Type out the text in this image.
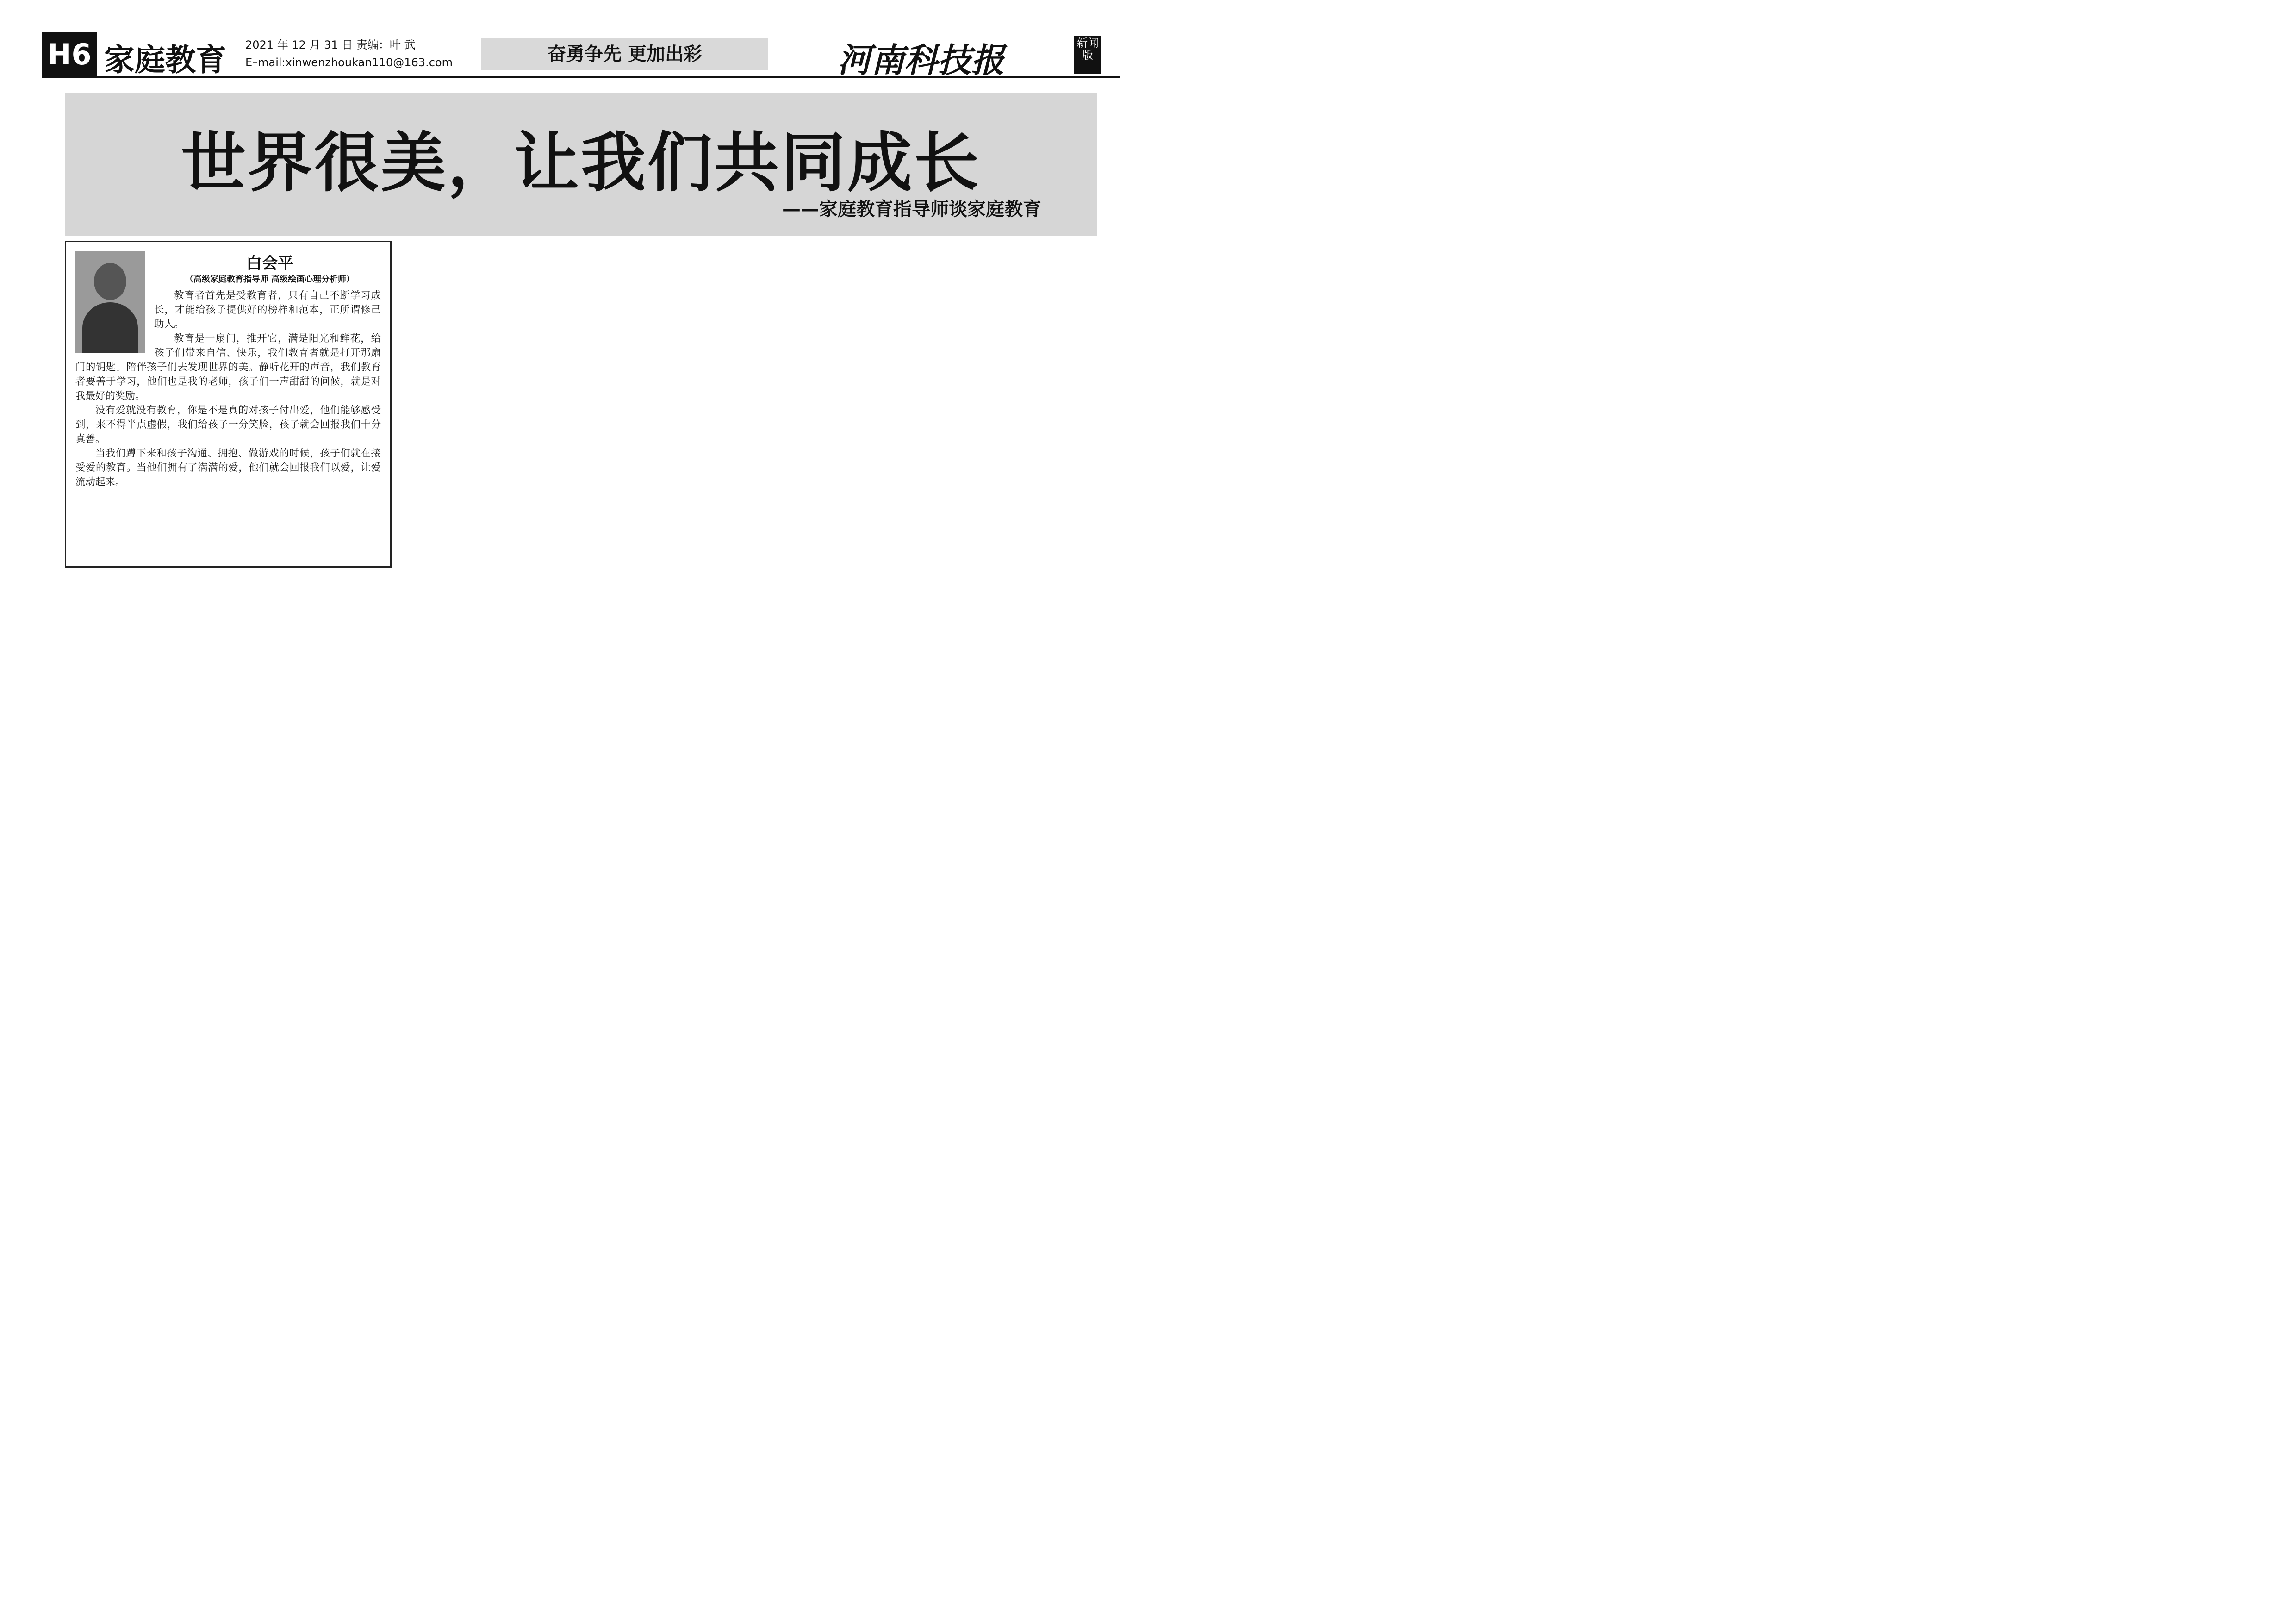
H6 家庭教育 2021 年 12 月 31 日 责编：叶 武
E–mail:xinwenzhoukan110@163.com	奋勇争先 更加出彩	河南科技报	新闻版
世界很美，让我们共同成长
——家庭教育指导师谈家庭教育
白会平
（高级家庭教育指导师 高级绘画心理分析师）

教育者首先是受教育者，只有自己不断学习成长，才能给孩子提供好的榜样和范本，正所谓修己助人。

教育是一扇门，推开它，满是阳光和鲜花，给孩子们带来自信、快乐，我们教育者就是打开那扇门的钥匙。陪伴孩子们去发现世界的美。静听花开的声音，我们教育者要善于学习，他们也是我的老师，孩子们一声甜甜的问候，就是对我最好的奖励。

没有爱就没有教育，你是不是真的对孩子付出爱，他们能够感受到，来不得半点虚假，我们给孩子一分笑脸，孩子就会回报我们十分真善。

当我们蹲下来和孩子沟通、拥抱、做游戏的时候，孩子们就在接受爱的教育。当他们拥有了满满的爱，他们就会回报我们以爱，让爱流动起来。
